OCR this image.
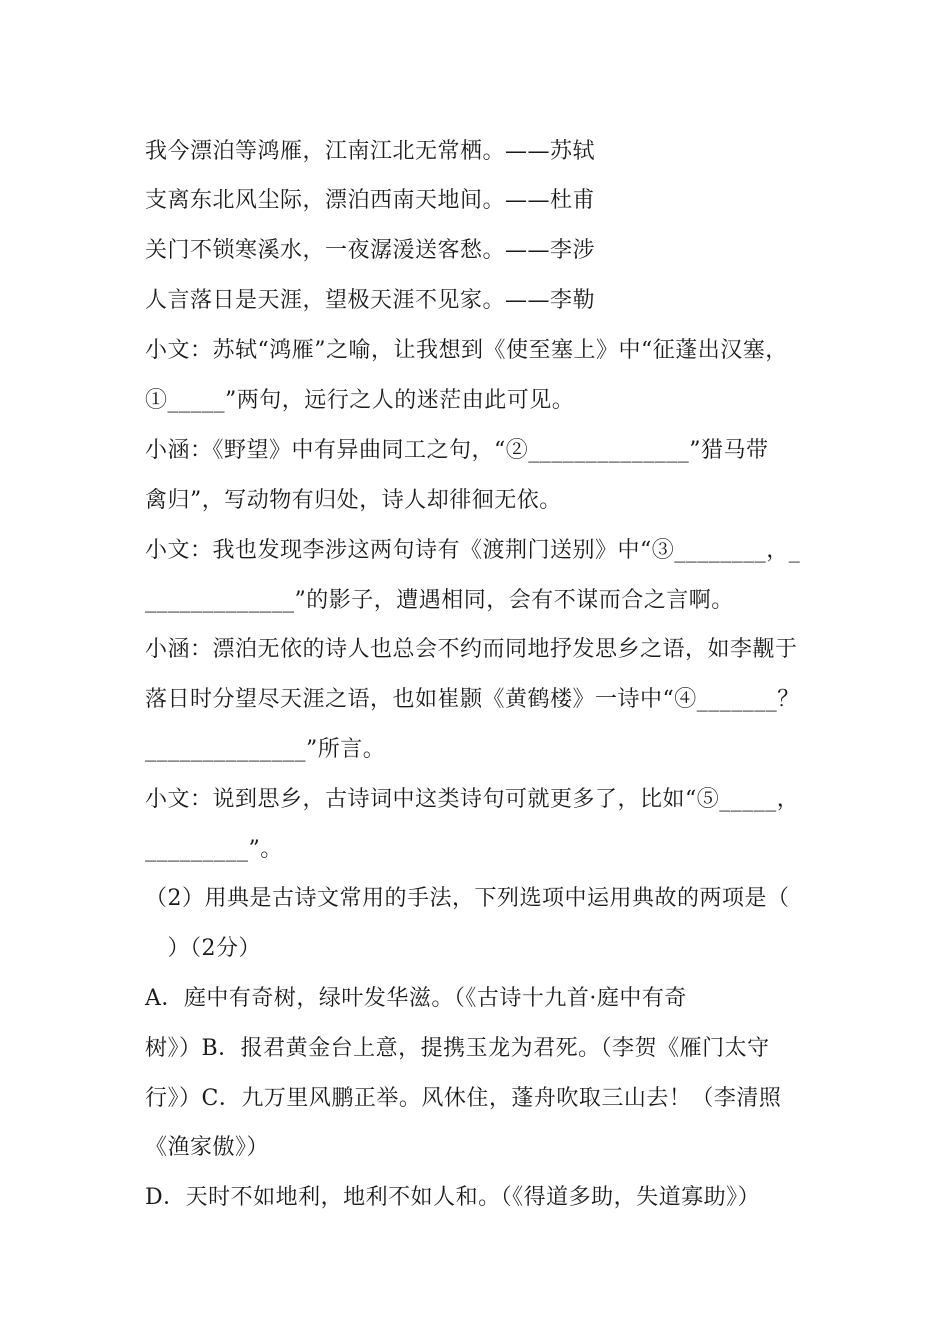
我今漂泊等鸿雁，江南江北无常栖。——苏轼
支离东北风尘际，漂泊西南天地间。——杜甫
关门不锁寒溪水，一夜潺湲送客愁。——李涉
人言落日是天涯，望极天涯不见家。——李勒
小文：苏轼“鸿雁”之喻，让我想到《使至塞上》中“征蓬出汉塞，
①_____”两句，远行之人的迷茫由此可见。
小涵：《野望》中有异曲同工之句，“②______________”猎马带
禽归”，写动物有归处，诗人却徘徊无依。
小文：我也发现李涉这两句诗有《渡荆门送别》中“③________，_
_____________”的影子，遭遇相同，会有不谋而合之言啊。
小涵：漂泊无依的诗人也总会不约而同地抒发思乡之语，如李觏于
落日时分望尽天涯之语，也如崔颢《黄鹤楼》一诗中“④_______？
______________”所言。
小文：说到思乡，古诗词中这类诗句可就更多了，比如“⑤_____，
_________”。
（2）用典是古诗文常用的手法，下列选项中运用典故的两项是（
　）（2分）
A．庭中有奇树，绿叶发华滋。（《古诗十九首·庭中有奇
树》）B．报君黄金台上意，提携玉龙为君死。（李贺《雁门太守
行》）C．九万里风鹏正举。风休住，蓬舟吹取三山去！（李清照
《渔家傲》）
D．天时不如地利，地利不如人和。（《得道多助，失道寡助》）
